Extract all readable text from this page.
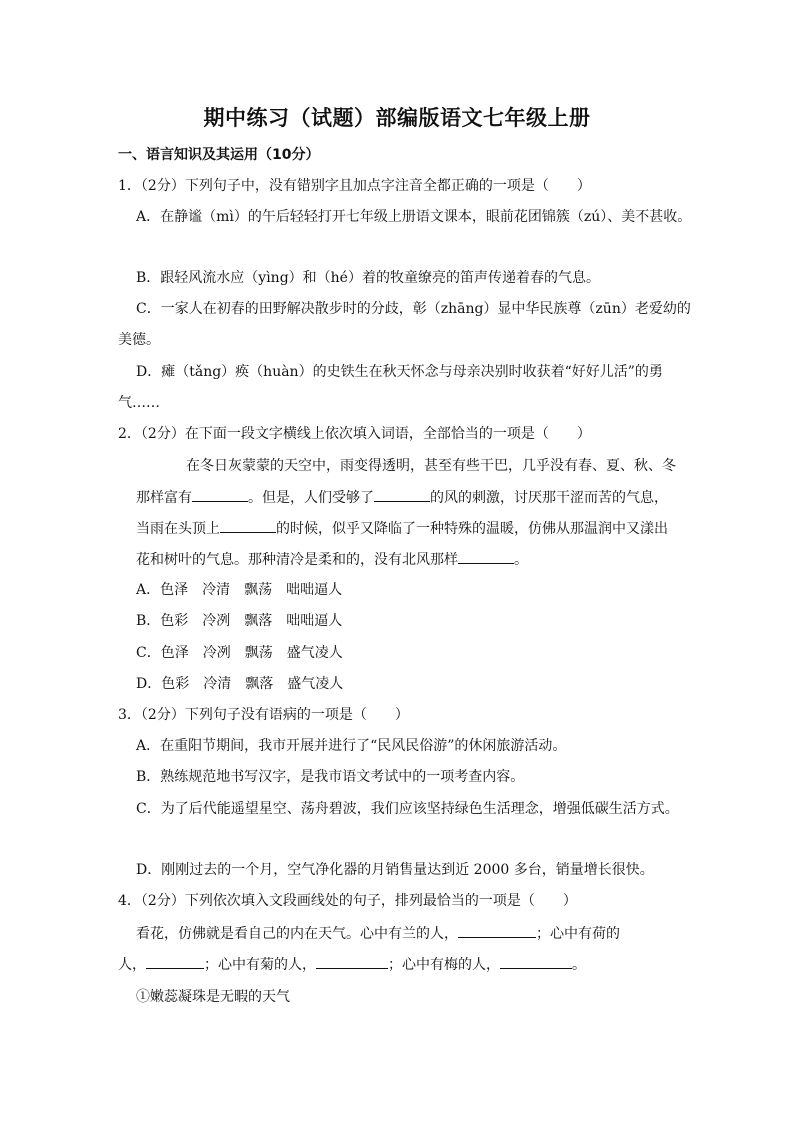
期中练习（试题）部编版语文七年级上册
一、语言知识及其运用（10分）
1．（2分）下列句子中，没有错别字且加点字注音全都正确的一项是（　　）
A．在静谧（mì）的午后轻轻打开七年级上册语文课本，眼前花团锦簇（zú）、美不甚收。
B．跟轻风流水应（yìng）和（hé）着的牧童缭亮的笛声传递着春的气息。
C．一家人在初春的田野解决散步时的分歧，彰（zhāng）显中华民族尊（zūn）老爱幼的
美德。
D．瘫（tǎng）痪（huàn）的史铁生在秋天怀念与母亲决别时收获着“好好儿活”的勇
气……
2．（2分）在下面一段文字横线上依次填入词语，全部恰当的一项是（　　）
在冬日灰蒙蒙的天空中，雨变得透明，甚至有些干巴，几乎没有春、夏、秋、冬
那样富有	。但是，人们受够了	的风的刺激，讨厌那干涩而苦的气息，
当雨在头顶上	的时候，似乎又降临了一种特殊的温暖，仿佛从那温润中又漾出
花和树叶的气息。那种清冷是柔和的，没有北风那样	。
A．色泽 冷清 飘荡 咄咄逼人
B．色彩 冷冽 飘落 咄咄逼人
C．色泽 冷冽 飘荡 盛气凌人
D．色彩 冷清 飘落 盛气凌人
3．（2分）下列句子没有语病的一项是（　　）
A．在重阳节期间，我市开展并进行了“民风民俗游”的休闲旅游活动。
B．熟练规范地书写汉字，是我市语文考试中的一项考查内容。
C．为了后代能遥望星空、荡舟碧波，我们应该坚持绿色生活理念，增强低碳生活方式。
D．刚刚过去的一个月，空气净化器的月销售量达到近 2000 多台，销量增长很快。
4．（2分）下列依次填入文段画线处的句子，排列最恰当的一项是（　　）
看花，仿佛就是看自己的内在天气。心中有兰的人，	；心中有荷的
人，	；心中有菊的人，	；心中有梅的人，	。
①嫩蕊凝珠是无暇的天气
